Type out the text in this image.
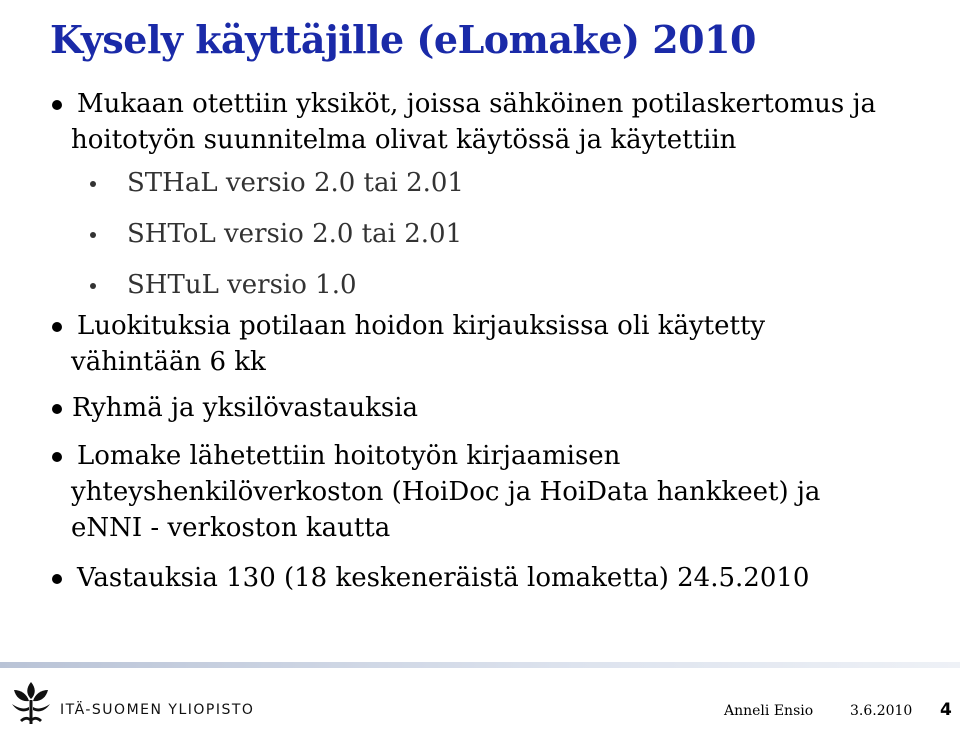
Kysely käyttäjille (eLomake) 2010
Mukaan otettiin yksiköt, joissa sähköinen potilaskertomus ja
hoitotyön suunnitelma olivat käytössä ja käytettiin
STHaL versio 2.0 tai 2.01
SHToL versio 2.0 tai 2.01
SHTuL versio 1.0
Luokituksia potilaan hoidon kirjauksissa oli käytetty
vähintään 6 kk
Ryhmä ja yksilövastauksia
Lomake lähetettiin hoitotyön kirjaamisen
yhteyshenkilöverkoston (HoiDoc ja HoiData hankkeet) ja
eNNI - verkoston kautta
Vastauksia 130 (18 keskeneräistä lomaketta) 24.5.2010
ITÄ-SUOMEN YLIOPISTO	Anneli Ensio	3.6.2010 4
